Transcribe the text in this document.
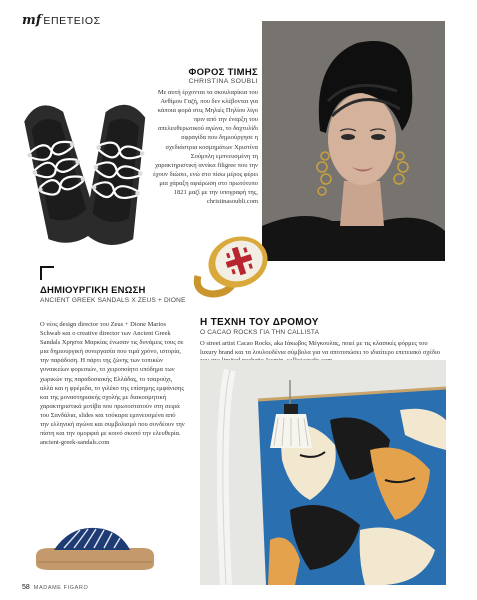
mf ΕΠΕΤΕΙΟΣ
ΦΟΡΟΣ ΤΙΜΗΣ
CHRISTINA SOUBLI
Με αυτή έρχονται τα σκουλαρίκια του Ανθίμου Γαζή, που δεν κλέβονται για κάποια φορά στις Μηλιές Πηλίου λίγο πριν από την έναρξη του απελευθερωτικού αγώνα, το δαχτυλίδι σφραγίδα που δημιούργησε η σχεδιάστρια κοσμημάτων Χριστίνα Σούμπλη εμπνευσμένη τη χαρακτηριστική αντίκα filigree που την έχουν διώσει, ενώ στο πίσω μέρος φέρει μια χάραξη αφιέρωση στο πρωτότυπο 1821 μαζί με την υπογραφή της, christinasoubli.com
ΔΗΜΙΟΥΡΓΙΚΗ ΕΝΩΣΗ
ANCIENT GREEK SANDALS X ZEUS + DIONE
Ο νέος design director του Zeus + Dione Marios Schwab και ο creative director των Ancient Greek Sandals Χρηστα Μαρκίας ένωσαν τις δυνάμεις τους σε μια δημιουργική συνεργασία που τιμά χρόνο, ιστορία, την παράδοση. Η πάρτι της ζώνης των τοπικών γυναικείων φορεσιών, το χειροποίητο υπόδημα των χωρικών της παραδοσιακής Ελλάδας, το τσαρούχι, αλλά και η φρέμιδα, το γιλέκο της επίσημης εμφάνισης και της μοναστηριακής σχολής με διακοσμητική χαρακτηριστικά μοτίβα που πρωτοστατούν στη σειρά του Σανδάλια, slides και τσόκαρα εμπνευσμένα από την ελληνική αγώνα και συμβολισμό που συνδέουν την πίστη και την ομορφιά με κοινό σκοπό την ελευθερία. ancient-greek-sandals.com
Η ΤΕΧΝΗ ΤΟΥ ΔΡΟΜΟΥ
Ο CACAO ROCKS ΓΙΑ ΤΗΝ CALLISTA
Ο street artist Cacao Rocks, aka Ιάκωβος Μέγκουλας, ποιεί με τις κλασικές φόρμες του luxury brand και τα λουλουδένια σύμβολα για να αποτυπώσει το ιδιαίτερο επετειακό σχέδιο
58 MADAME FIGARO
